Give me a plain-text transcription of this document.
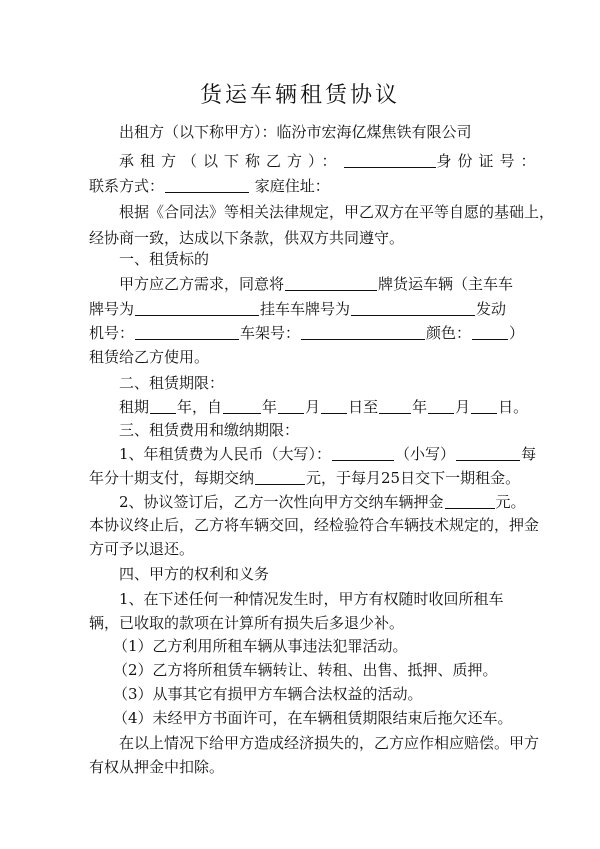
货运车辆租赁协议
出租方（以下称甲方）：临汾市宏海亿煤焦铁有限公司
承租方（以下称乙方）：	身份证号：
联系方式：	家庭住址：
根据《合同法》等相关法律规定，甲乙双方在平等自愿的基础上，
经协商一致，达成以下条款，供双方共同遵守。
一、租赁标的
甲方应乙方需求，同意将	牌货运车辆（主车车
牌号为	挂车车牌号为	发动
机号：	车架号：	颜色：	）
租赁给乙方使用。
二、租赁期限：
租期 年，自	年 月 日至 年 月 日。
三、租赁费用和缴纳期限：
1、年租赁费为人民币（大写）：	（小写）	每
年分十期支付，每期交纳	元，于每月25日交下一期租金。
2、协议签订后，乙方一次性向甲方交纳车辆押金	元。
本协议终止后，乙方将车辆交回，经检验符合车辆技术规定的，押金
方可予以退还。
四、甲方的权利和义务
1、在下述任何一种情况发生时，甲方有权随时收回所租车
辆，已收取的款项在计算所有损失后多退少补。
（1）乙方利用所租车辆从事违法犯罪活动。
（2）乙方将所租赁车辆转让、转租、出售、抵押、质押。
（3）从事其它有损甲方车辆合法权益的活动。
（4）未经甲方书面许可，在车辆租赁期限结束后拖欠还车。
在以上情况下给甲方造成经济损失的，乙方应作相应赔偿。甲方
有权从押金中扣除。
